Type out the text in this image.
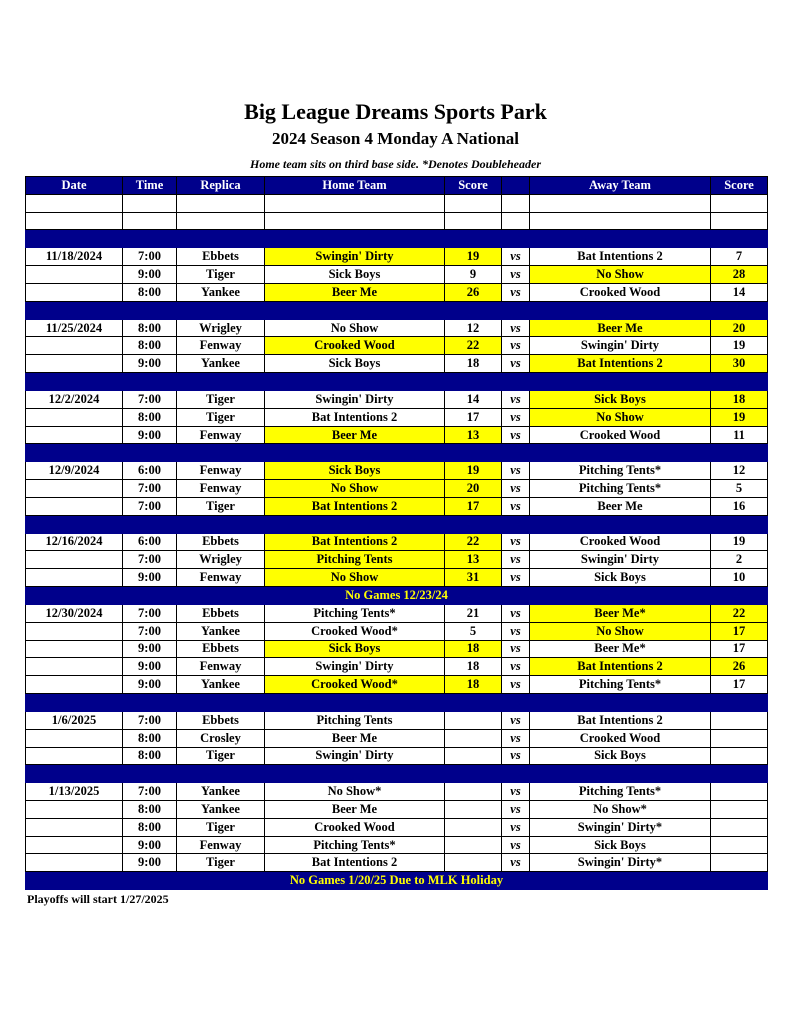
Big League Dreams Sports Park
2024 Season 4 Monday A National
Home team sits on third base side. *Denotes Doubleheader
Date	Time	Replica	Home Team	Score		Away Team	Score

11/18/2024	7:00	Ebbets	Swingin' Dirty	19	vs	Bat Intentions 2	7
	9:00	Tiger	Sick Boys	9	vs	No Show	28
	8:00	Yankee	Beer Me	26	vs	Crooked Wood	14

11/25/2024	8:00	Wrigley	No Show	12	vs	Beer Me	20
	8:00	Fenway	Crooked Wood	22	vs	Swingin' Dirty	19
	9:00	Yankee	Sick Boys	18	vs	Bat Intentions 2	30

12/2/2024	7:00	Tiger	Swingin' Dirty	14	vs	Sick Boys	18
	8:00	Tiger	Bat Intentions 2	17	vs	No Show	19
	9:00	Fenway	Beer Me	13	vs	Crooked Wood	11

12/9/2024	6:00	Fenway	Sick Boys	19	vs	Pitching Tents*	12
	7:00	Fenway	No Show	20	vs	Pitching Tents*	5
	7:00	Tiger	Bat Intentions 2	17	vs	Beer Me	16

12/16/2024	6:00	Ebbets	Bat Intentions 2	22	vs	Crooked Wood	19
	7:00	Wrigley	Pitching Tents	13	vs	Swingin' Dirty	2
	9:00	Fenway	No Show	31	vs	Sick Boys	10
No Games 12/23/24							
12/30/2024	7:00	Ebbets	Pitching Tents*	21	vs	Beer Me*	22
	7:00	Yankee	Crooked Wood*	5	vs	No Show	17
	9:00	Ebbets	Sick Boys	18	vs	Beer Me*	17
	9:00	Fenway	Swingin' Dirty	18	vs	Bat Intentions 2	26
	9:00	Yankee	Crooked Wood*	18	vs	Pitching Tents*	17

1/6/2025	7:00	Ebbets	Pitching Tents		vs	Bat Intentions 2	
	8:00	Crosley	Beer Me		vs	Crooked Wood	
	8:00	Tiger	Swingin' Dirty		vs	Sick Boys	

1/13/2025	7:00	Yankee	No Show*		vs	Pitching Tents*	
	8:00	Yankee	Beer Me		vs	No Show*	
	8:00	Tiger	Crooked Wood		vs	Swingin' Dirty*	
	9:00	Fenway	Pitching Tents*		vs	Sick Boys	
	9:00	Tiger	Bat Intentions 2		vs	Swingin' Dirty*	
No Games 1/20/25 Due to MLK Holiday							
Playoffs will start 1/27/2025
